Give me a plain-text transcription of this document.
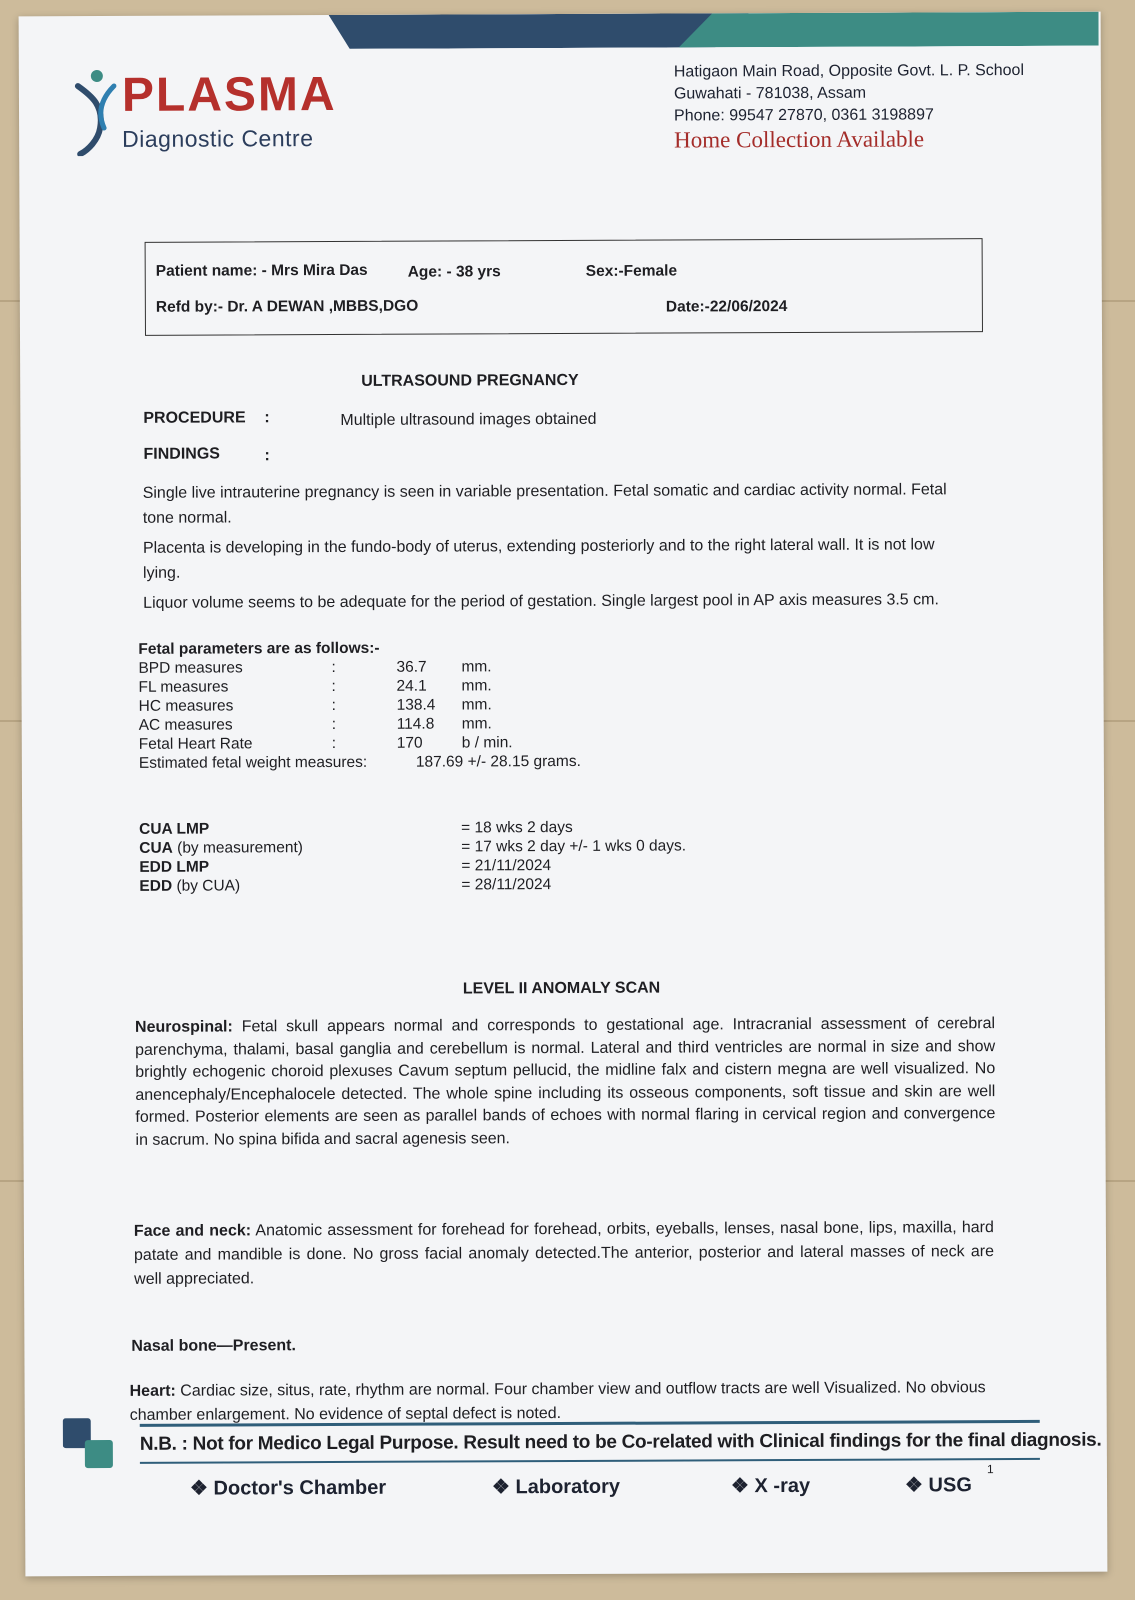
PLASMA
Diagnostic Centre
Hatigaon Main Road, Opposite Govt. L. P. School
Guwahati - 781038, Assam
Phone: 99547 27870, 0361 3198897
Home Collection Available
Patient name: - Mrs Mira Das	Age: - 38 yrs	Sex:-Female
Refd by:- Dr. A DEWAN ,MBBS,DGO	Date:-22/06/2024
ULTRASOUND PREGNANCY
PROCEDURE :	Multiple ultrasound images obtained
FINDINGS	:

Single live intrauterine pregnancy is seen in variable presentation. Fetal somatic and cardiac activity normal. Fetal tone normal.

Placenta is developing in the fundo-body of uterus, extending posteriorly and to the right lateral wall. It is not low lying.

Liquor volume seems to be adequate for the period of gestation. Single largest pool in AP axis measures 3.5 cm.

Fetal parameters are as follows:-
BPD measures	:	36.7 mm.
FL measures	:	24.1 mm.
HC measures	:	138.4 mm.
AC measures	:	114.8 mm.
Fetal Heart Rate	:	170	b / min.
Estimated fetal weight measures:	187.69 +/- 28.15 grams.
CUA LMP	= 18 wks 2 days
CUA (by measurement)	= 17 wks 2 day +/- 1 wks 0 days.
EDD LMP	= 21/11/2024
EDD (by CUA)	= 28/11/2024
LEVEL II ANOMALY SCAN
Neurospinal: Fetal skull appears normal and corresponds to gestational age. Intracranial assessment of cerebral parenchyma, thalami, basal ganglia and cerebellum is normal. Lateral and third ventricles are normal in size and show brightly echogenic choroid plexuses Cavum septum pellucid, the midline falx and cistern megna are well visualized. No anencephaly/Encephalocele detected. The whole spine including its osseous components, soft tissue and skin are well formed. Posterior elements are seen as parallel bands of echoes with normal flaring in cervical region and convergence in sacrum. No spina bifida and sacral agenesis seen.
Face and neck: Anatomic assessment for forehead for forehead, orbits, eyeballs, lenses, nasal bone, lips, maxilla, hard patate and mandible is done. No gross facial anomaly detected.The anterior, posterior and lateral masses of neck are well appreciated.
Nasal bone—Present.
Heart: Cardiac size, situs, rate, rhythm are normal. Four chamber view and outflow tracts are well Visualized. No obvious chamber enlargement. No evidence of septal defect is noted.
N.B. : Not for Medico Legal Purpose. Result need to be Co-related with Clinical findings for the final diagnosis.
❖ Doctor's Chamber	❖ Laboratory	❖ X -ray	❖ USG
1
